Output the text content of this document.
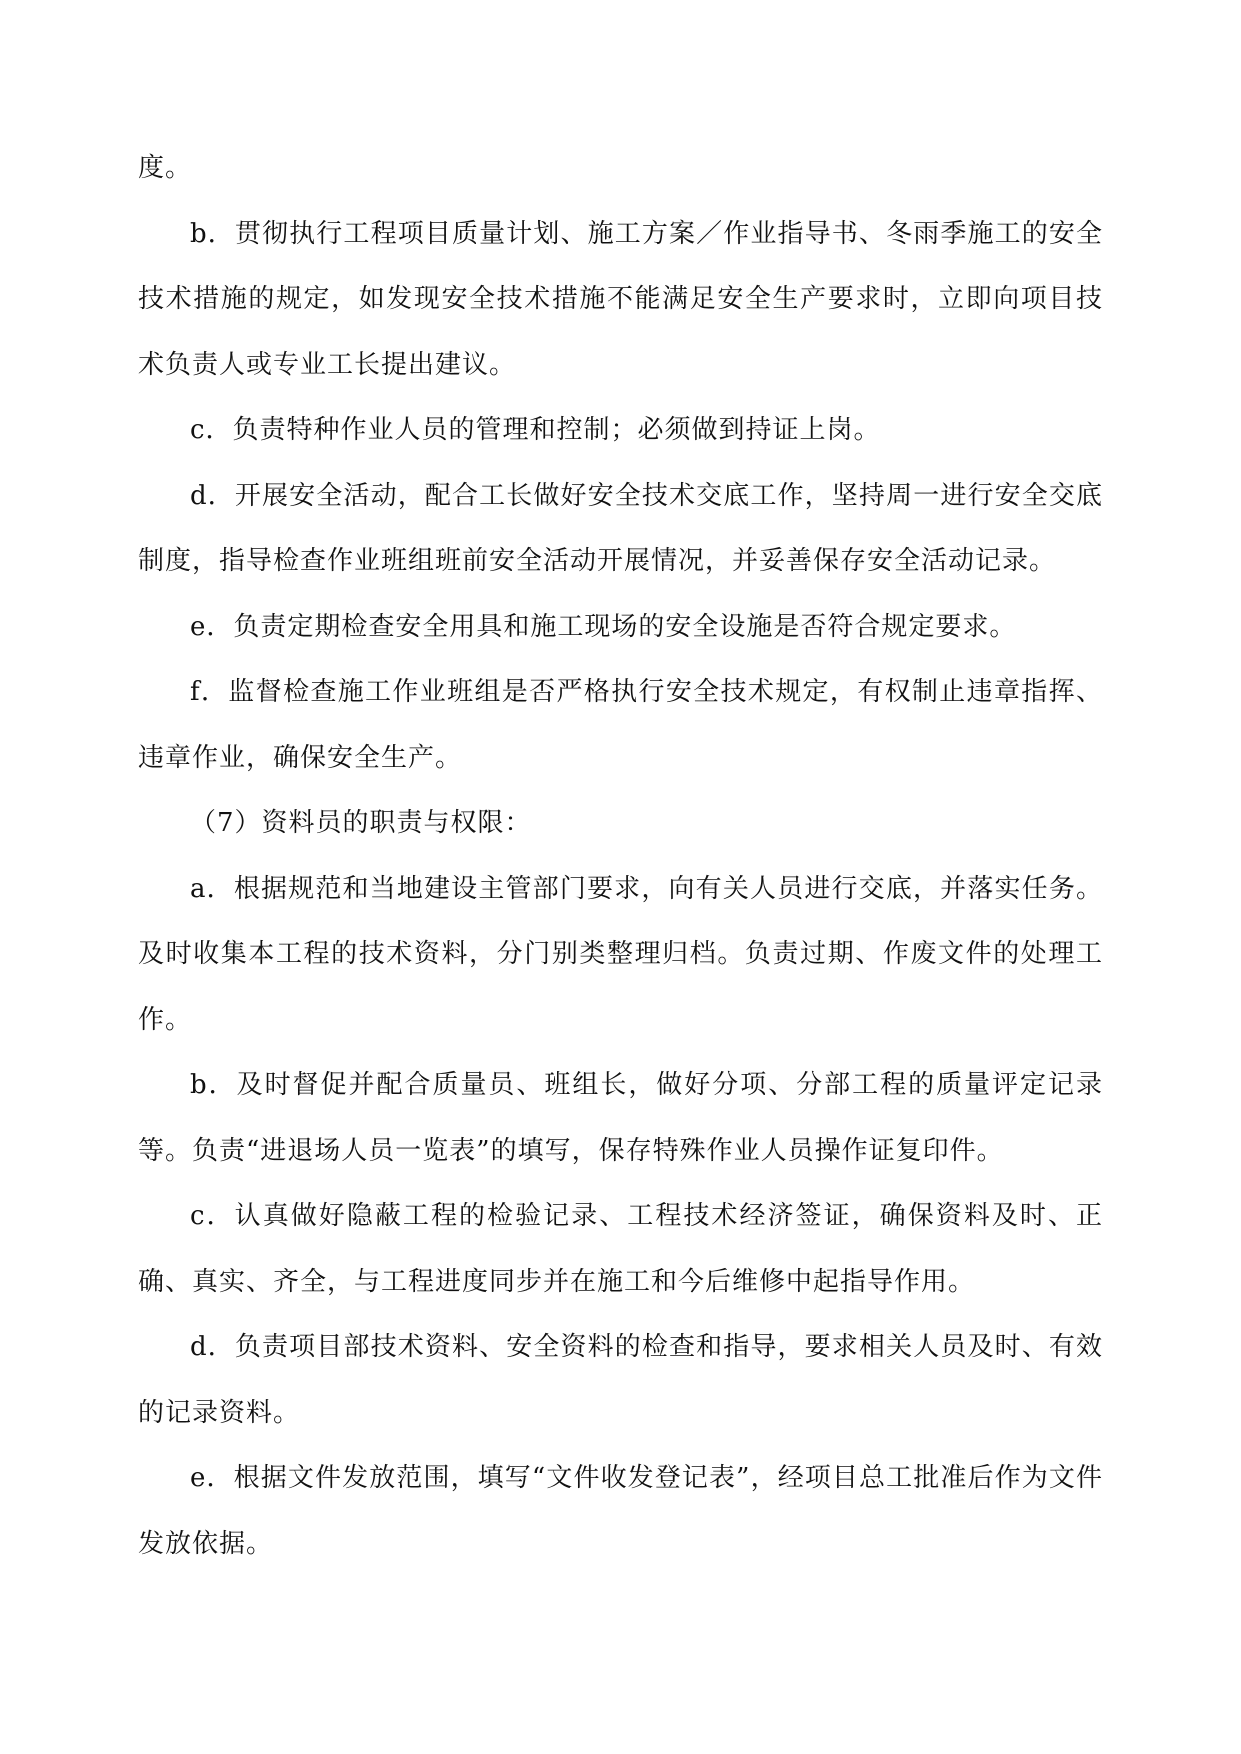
度。

b．贯彻执行工程项目质量计划、施工方案／作业指导书、冬雨季施工的安全技术措施的规定，如发现安全技术措施不能满足安全生产要求时，立即向项目技术负责人或专业工长提出建议。

c．负责特种作业人员的管理和控制；必须做到持证上岗。

d．开展安全活动，配合工长做好安全技术交底工作，坚持周一进行安全交底制度，指导检查作业班组班前安全活动开展情况，并妥善保存安全活动记录。

e．负责定期检查安全用具和施工现场的安全设施是否符合规定要求。

f．监督检查施工作业班组是否严格执行安全技术规定，有权制止违章指挥、违章作业，确保安全生产。

（7）资料员的职责与权限：

a．根据规范和当地建设主管部门要求，向有关人员进行交底，并落实任务。及时收集本工程的技术资料，分门别类整理归档。负责过期、作废文件的处理工作。

b．及时督促并配合质量员、班组长，做好分项、分部工程的质量评定记录等。负责“进退场人员一览表”的填写，保存特殊作业人员操作证复印件。

c．认真做好隐蔽工程的检验记录、工程技术经济签证，确保资料及时、正确、真实、齐全，与工程进度同步并在施工和今后维修中起指导作用。

d．负责项目部技术资料、安全资料的检查和指导，要求相关人员及时、有效的记录资料。

e．根据文件发放范围，填写“文件收发登记表”，经项目总工批准后作为文件发放依据。
